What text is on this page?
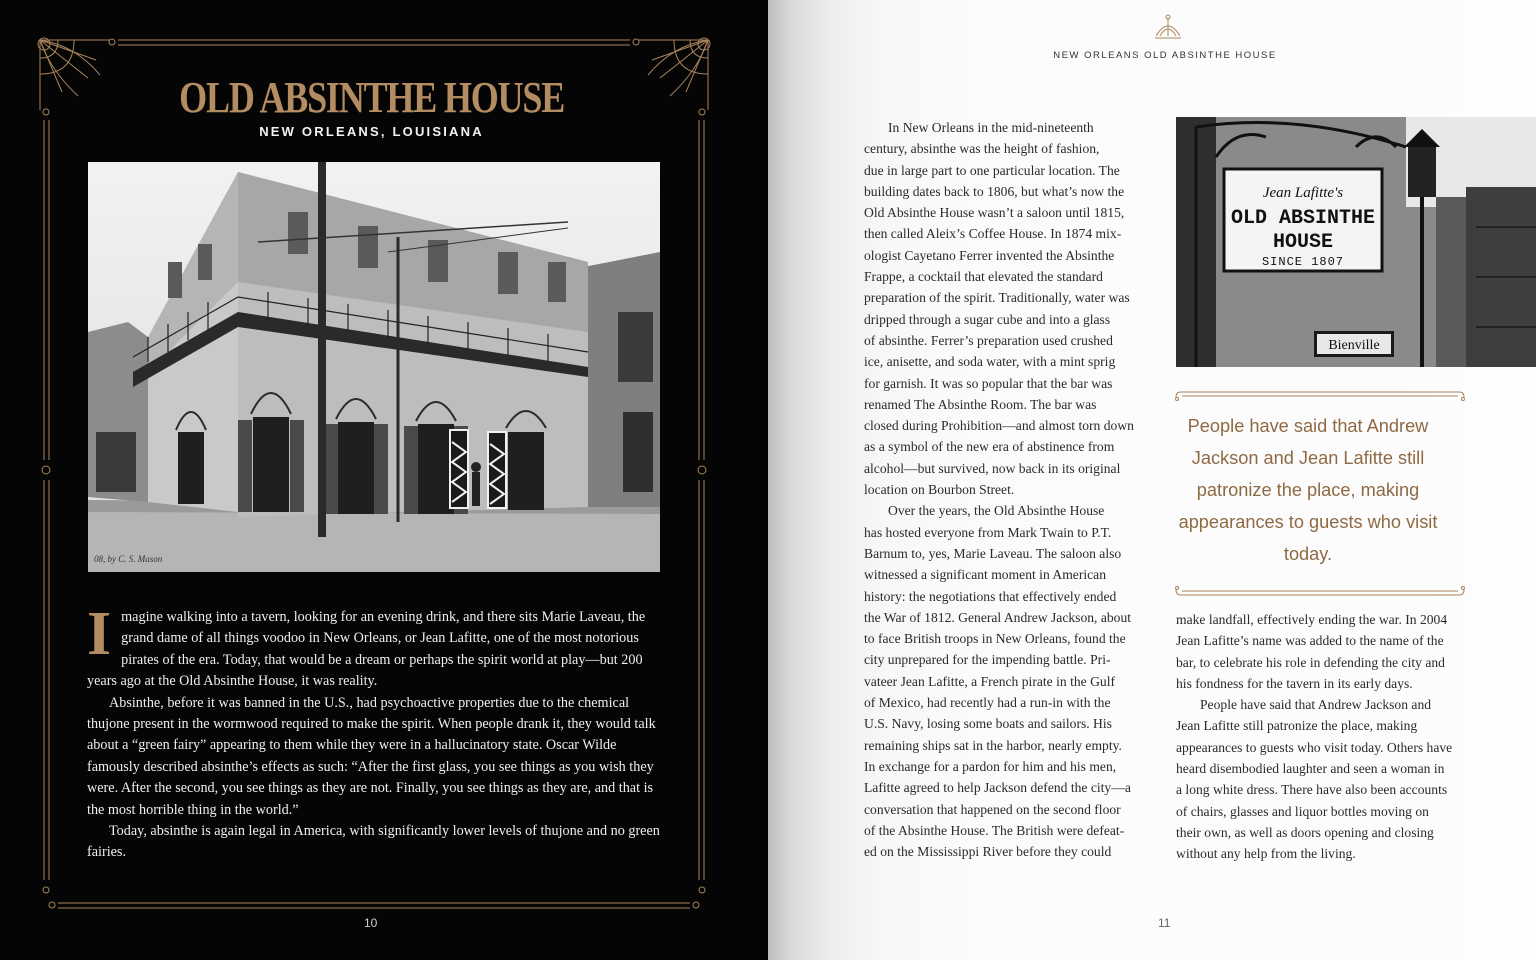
OLD ABSINTHE HOUSE
NEW ORLEANS, LOUISIANA
08, by C. S. Mason

Imagine walking into a tavern, looking for an evening drink, and there sits Marie Laveau, the grand dame of all things voodoo in New Orleans, or Jean Lafitte, one of the most notorious pirates of the era. Today, that would be a dream or perhaps the spirit world at play—but 200 years ago at the Old Absinthe House, it was reality.

Absinthe, before it was banned in the U.S., had psychoactive properties due to the chemical thujone present in the wormwood required to make the spirit. When people drank it, they would talk about a “green fairy” appearing to them while they were in a hallucinatory state. Oscar Wilde famously described absinthe’s effects as such: “After the first glass, you see things as you wish they were. After the second, you see things as they are not. Finally, you see things as they are, and that is the most horrible thing in the world.”

Today, absinthe is again legal in America, with significantly lower levels of thujone and no green fairies.

10
NEW ORLEANS OLD ABSINTHE HOUSE

In New Orleans in the mid-nineteenth
century, absinthe was the height of fashion,
due in large part to one particular location. The
building dates back to 1806, but what’s now the
Old Absinthe House wasn’t a saloon until 1815,
then called Aleix’s Coffee House. In 1874 mix-
ologist Cayetano Ferrer invented the Absinthe
Frappe, a cocktail that elevated the standard
preparation of the spirit. Traditionally, water was
dripped through a sugar cube and into a glass
of absinthe. Ferrer’s preparation used crushed
ice, anisette, and soda water, with a mint sprig
for garnish. It was so popular that the bar was
renamed The Absinthe Room. The bar was
closed during Prohibition—and almost torn down
as a symbol of the new era of abstinence from
alcohol—but survived, now back in its original
location on Bourbon Street.

Over the years, the Old Absinthe House
has hosted everyone from Mark Twain to P.T.
Barnum to, yes, Marie Laveau. The saloon also
witnessed a significant moment in American
history: the negotiations that effectively ended
the War of 1812. General Andrew Jackson, about
to face British troops in New Orleans, found the
city unprepared for the impending battle. Pri-
vateer Jean Lafitte, a French pirate in the Gulf
of Mexico, had recently had a run-in with the
U.S. Navy, losing some boats and sailors. His
remaining ships sat in the harbor, nearly empty.
In exchange for a pardon for him and his men,
Lafitte agreed to help Jackson defend the city—a
conversation that happened on the second floor
of the Absinthe House. The British were defeat-
ed on the Mississippi River before they could

Jean Lafitte's
OLD ABSINTHE
HOUSE
SINCE 1807
Bienville
People have said that Andrew Jackson and Jean Lafitte still patronize the place, making appearances to guests who visit today.

make landfall, effectively ending the war. In 2004
Jean Lafitte’s name was added to the name of the
bar, to celebrate his role in defending the city and
his fondness for the tavern in its early days.

People have said that Andrew Jackson and
Jean Lafitte still patronize the place, making
appearances to guests who visit today. Others have
heard disembodied laughter and seen a woman in
a long white dress. There have also been accounts
of chairs, glasses and liquor bottles moving on
their own, as well as doors opening and closing
without any help from the living.

11
